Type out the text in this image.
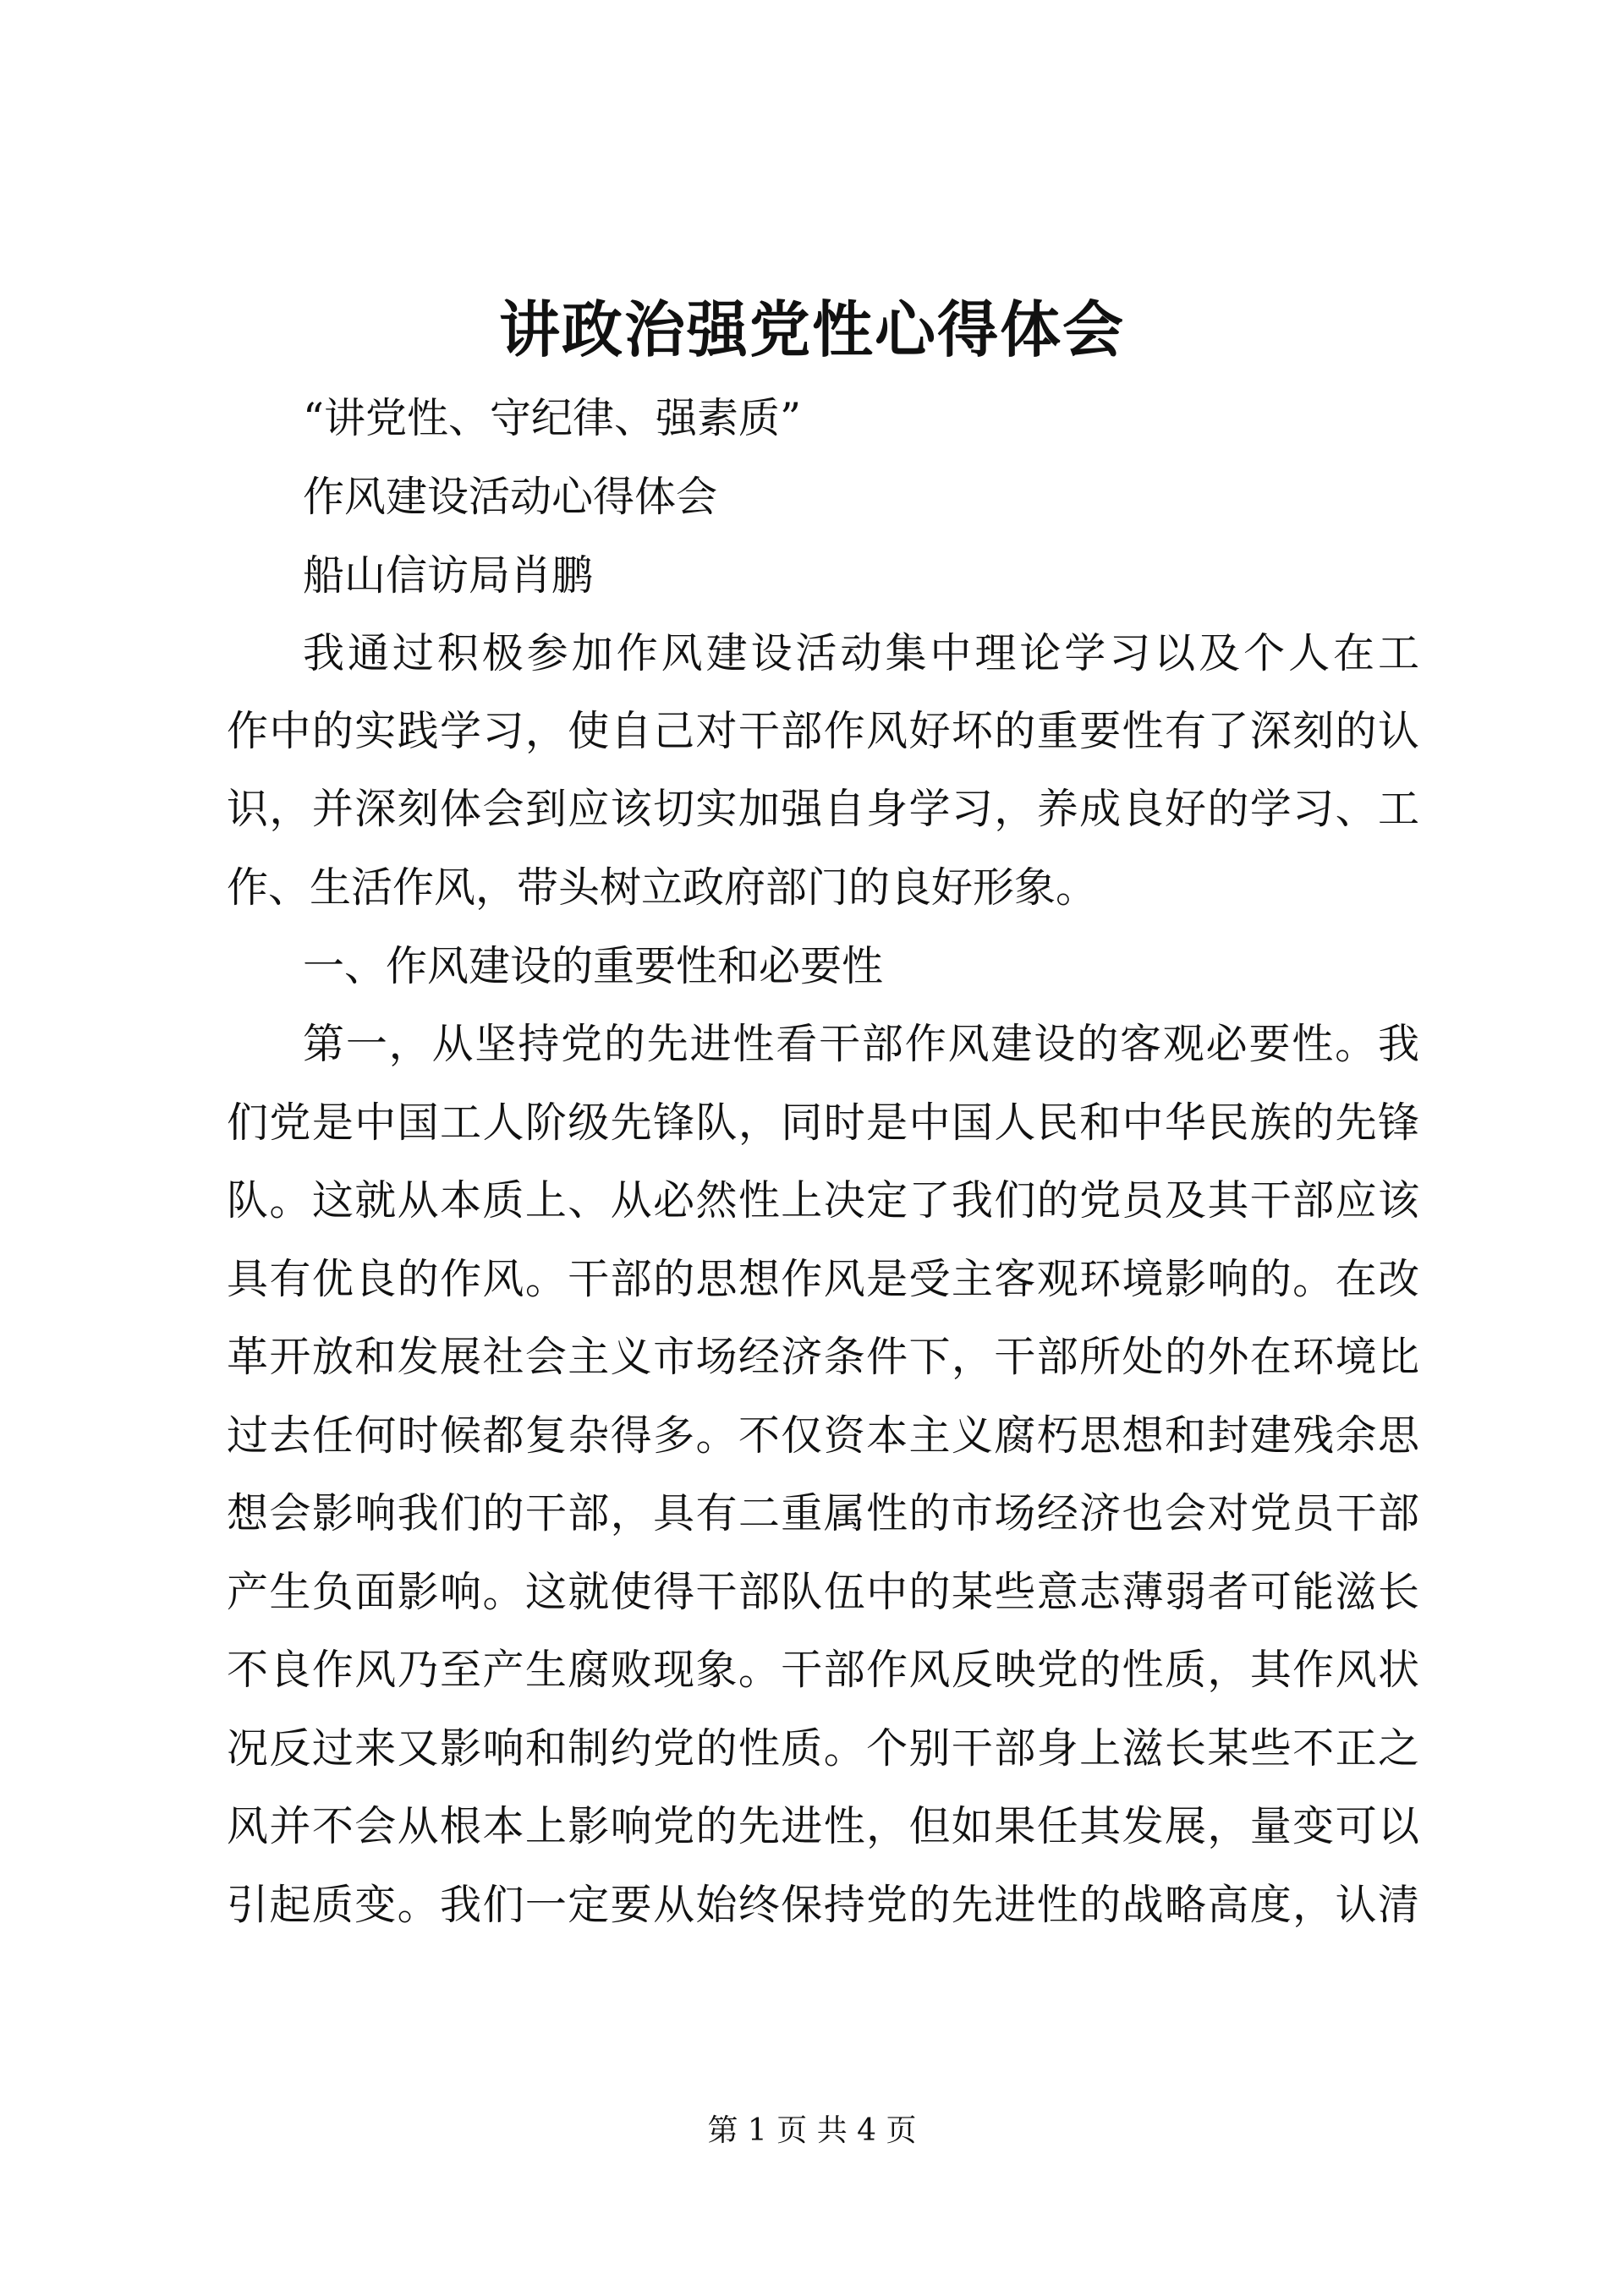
讲政治强党性心得体会
“讲党性、守纪律、强素质”
作风建设活动心得体会
船山信访局肖鹏
我通过积极参加作风建设活动集中理论学习以及个人在工
作中的实践学习，使自己对干部作风好坏的重要性有了深刻的认
识，并深刻体会到应该切实加强自身学习，养成良好的学习、工
作、生活作风，带头树立政府部门的良好形象。
一、作风建设的重要性和必要性
第一，从坚持党的先进性看干部作风建设的客观必要性。我
们党是中国工人阶级先锋队，同时是中国人民和中华民族的先锋
队。这就从本质上、从必然性上决定了我们的党员及其干部应该
具有优良的作风。干部的思想作风是受主客观环境影响的。在改
革开放和发展社会主义市场经济条件下，干部所处的外在环境比
过去任何时候都复杂得多。不仅资本主义腐朽思想和封建残余思
想会影响我们的干部，具有二重属性的市场经济也会对党员干部
产生负面影响。这就使得干部队伍中的某些意志薄弱者可能滋长
不良作风乃至产生腐败现象。干部作风反映党的性质，其作风状
况反过来又影响和制约党的性质。个别干部身上滋长某些不正之
风并不会从根本上影响党的先进性，但如果任其发展，量变可以
引起质变。我们一定要从始终保持党的先进性的战略高度，认清
第 1 页 共 4 页
